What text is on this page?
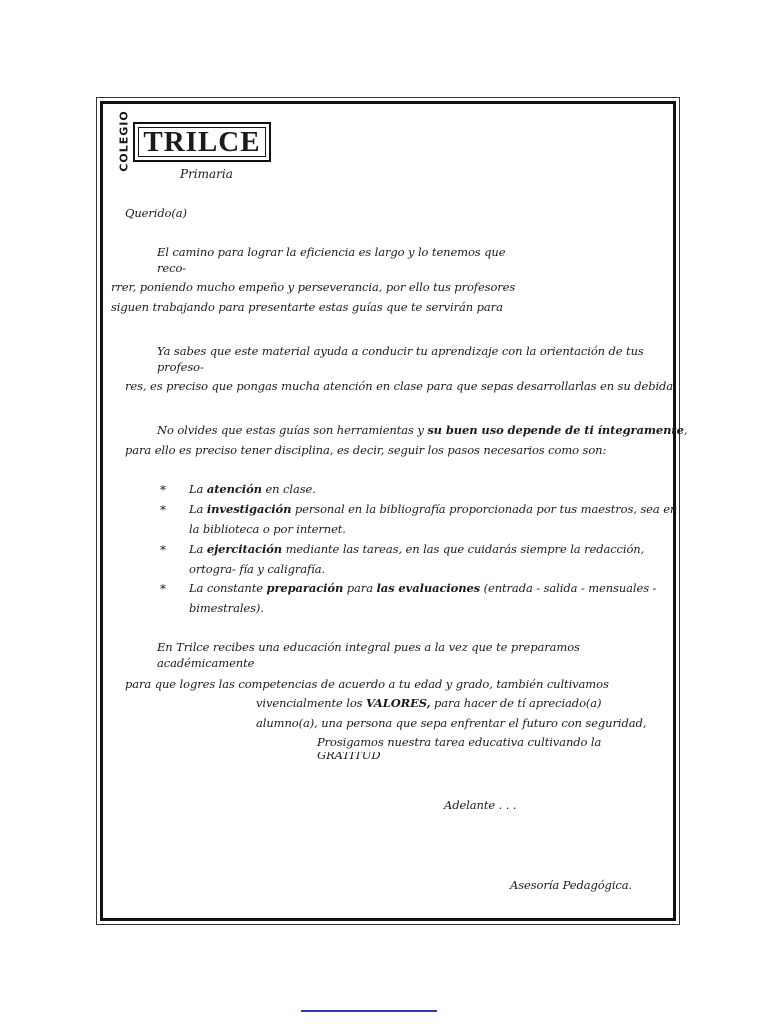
COLEGIO TRILCE
Primaria
Querido(a)
El camino para lograr la eficiencia es largo y lo tenemos que
reco-
rrer, poniendo mucho empeño y perseverancia, por ello tus profesores
siguen trabajando para presentarte estas guías que te servirán para
Ya sabes que este material ayuda a conducir tu aprendizaje con la orientación de tus
profeso-
res, es preciso que pongas mucha atención en clase para que sepas desarrollarlas en su debida
No olvides que estas guías son herramientas y su buen uso depende de ti íntegramente,
para ello es preciso tener disciplina, es decir, seguir los pasos necesarios como son:
* La atención en clase.
* La investigación personal en la bibliografía proporcionada por tus maestros, sea en
la biblioteca o por internet.
* La ejercitación mediante las tareas, en las que cuidarás siempre la redacción,
ortogra- fía y caligrafía.
* La constante preparación para las evaluaciones (entrada - salida - mensuales -
bimestrales).
En Trilce recibes una educación integral pues a la vez que te preparamos
académicamente
para que logres las competencias de acuerdo a tu edad y grado, también cultivamos
vivencialmente los VALORES, para hacer de tí apreciado(a)
alumno(a), una persona que sepa enfrentar el futuro con seguridad,
Prosigamos nuestra tarea educativa cultivando la
GRATITUD
Adelante . . .
Asesoría Pedagógica.
